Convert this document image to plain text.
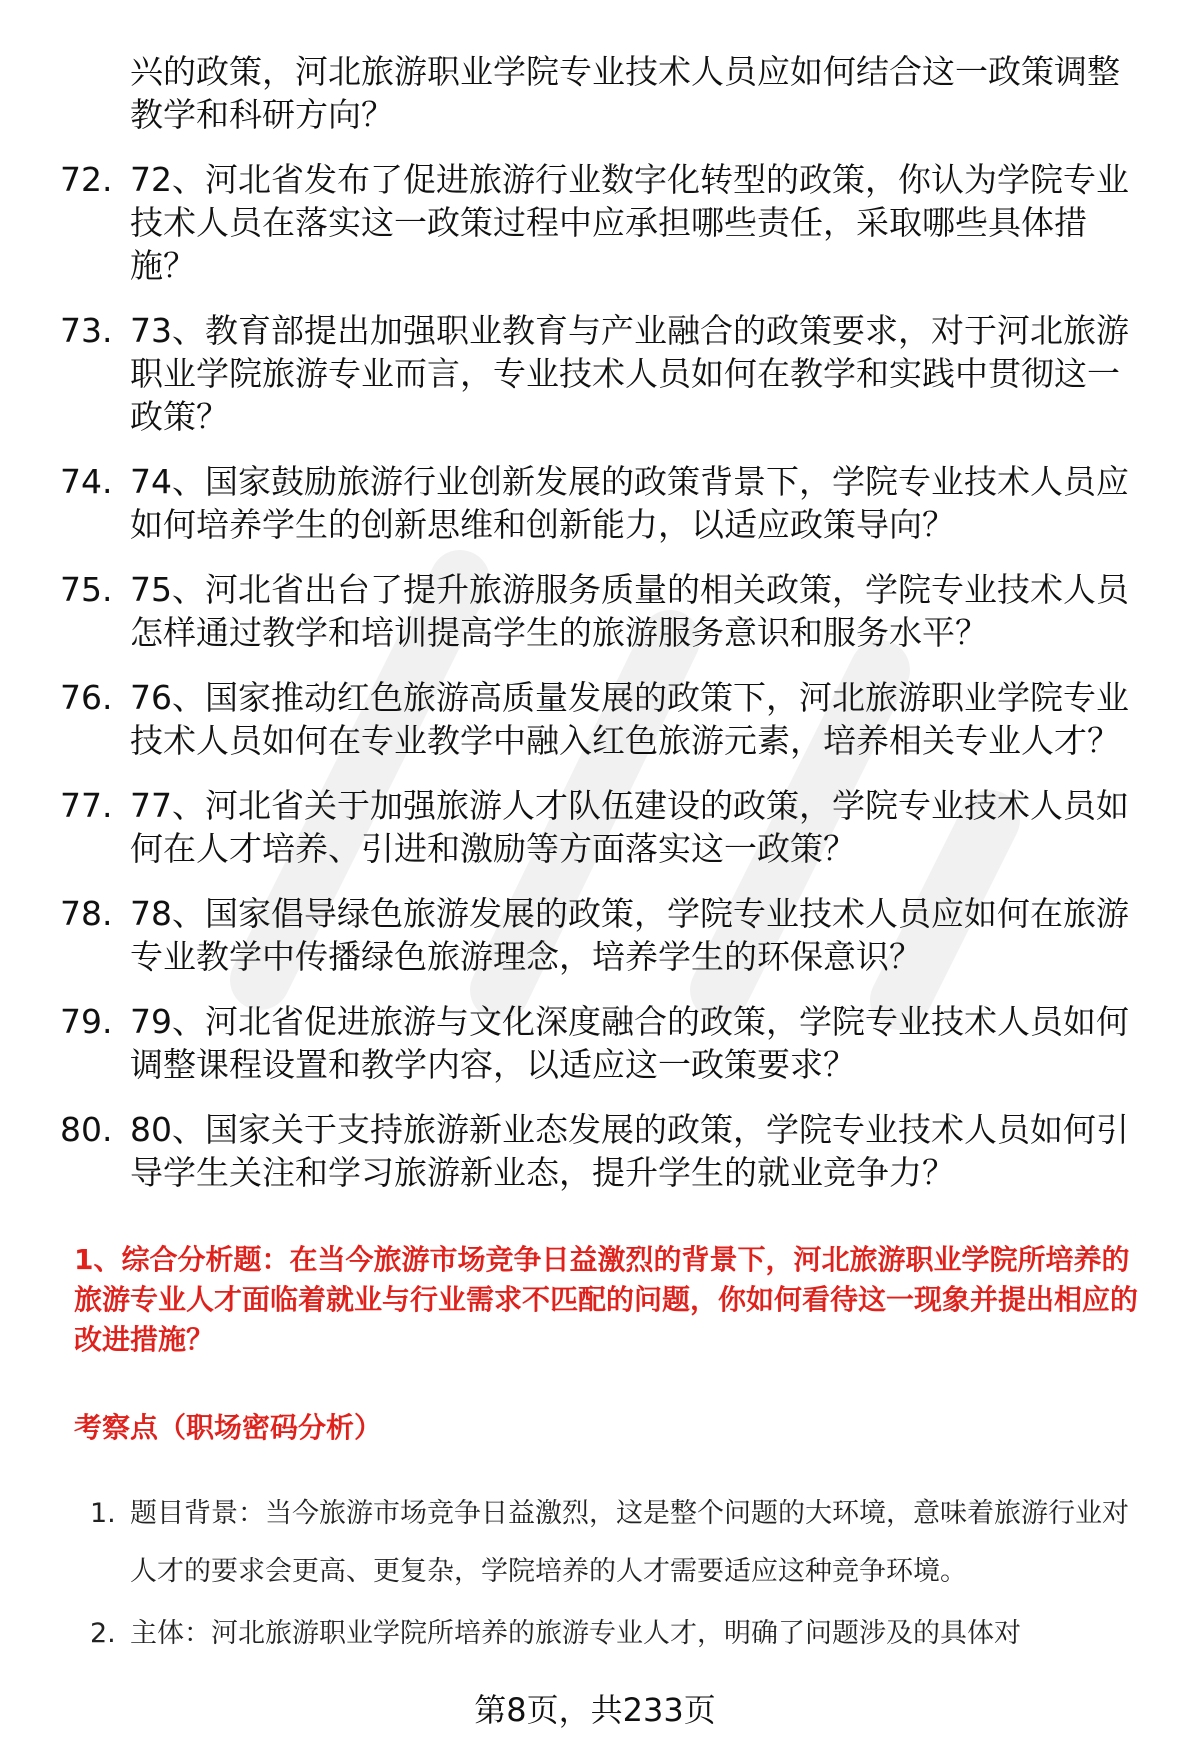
兴的政策，河北旅游职业学院专业技术人员应如何结合这一政策调整教学和科研方向？
72. 72、河北省发布了促进旅游行业数字化转型的政策，你认为学院专业技术人员在落实这一政策过程中应承担哪些责任，采取哪些具体措施？
73. 73、教育部提出加强职业教育与产业融合的政策要求，对于河北旅游职业学院旅游专业而言，专业技术人员如何在教学和实践中贯彻这一政策？
74. 74、国家鼓励旅游行业创新发展的政策背景下，学院专业技术人员应如何培养学生的创新思维和创新能力，以适应政策导向？
75. 75、河北省出台了提升旅游服务质量的相关政策，学院专业技术人员怎样通过教学和培训提高学生的旅游服务意识和服务水平？
76. 76、国家推动红色旅游高质量发展的政策下，河北旅游职业学院专业技术人员如何在专业教学中融入红色旅游元素，培养相关专业人才？
77. 77、河北省关于加强旅游人才队伍建设的政策，学院专业技术人员如何在人才培养、引进和激励等方面落实这一政策？
78. 78、国家倡导绿色旅游发展的政策，学院专业技术人员应如何在旅游专业教学中传播绿色旅游理念，培养学生的环保意识？
79. 79、河北省促进旅游与文化深度融合的政策，学院专业技术人员如何调整课程设置和教学内容，以适应这一政策要求？
80. 80、国家关于支持旅游新业态发展的政策，学院专业技术人员如何引导学生关注和学习旅游新业态，提升学生的就业竞争力？
1、综合分析题：在当今旅游市场竞争日益激烈的背景下，河北旅游职业学院所培养的旅游专业人才面临着就业与行业需求不匹配的问题，你如何看待这一现象并提出相应的改进措施？
考察点（职场密码分析）
1. 题目背景：当今旅游市场竞争日益激烈，这是整个问题的大环境，意味着旅游行业对人才的要求会更高、更复杂，学院培养的人才需要适应这种竞争环境。
2. 主体：河北旅游职业学院所培养的旅游专业人才，明确了问题涉及的具体对
第8页，共233页
